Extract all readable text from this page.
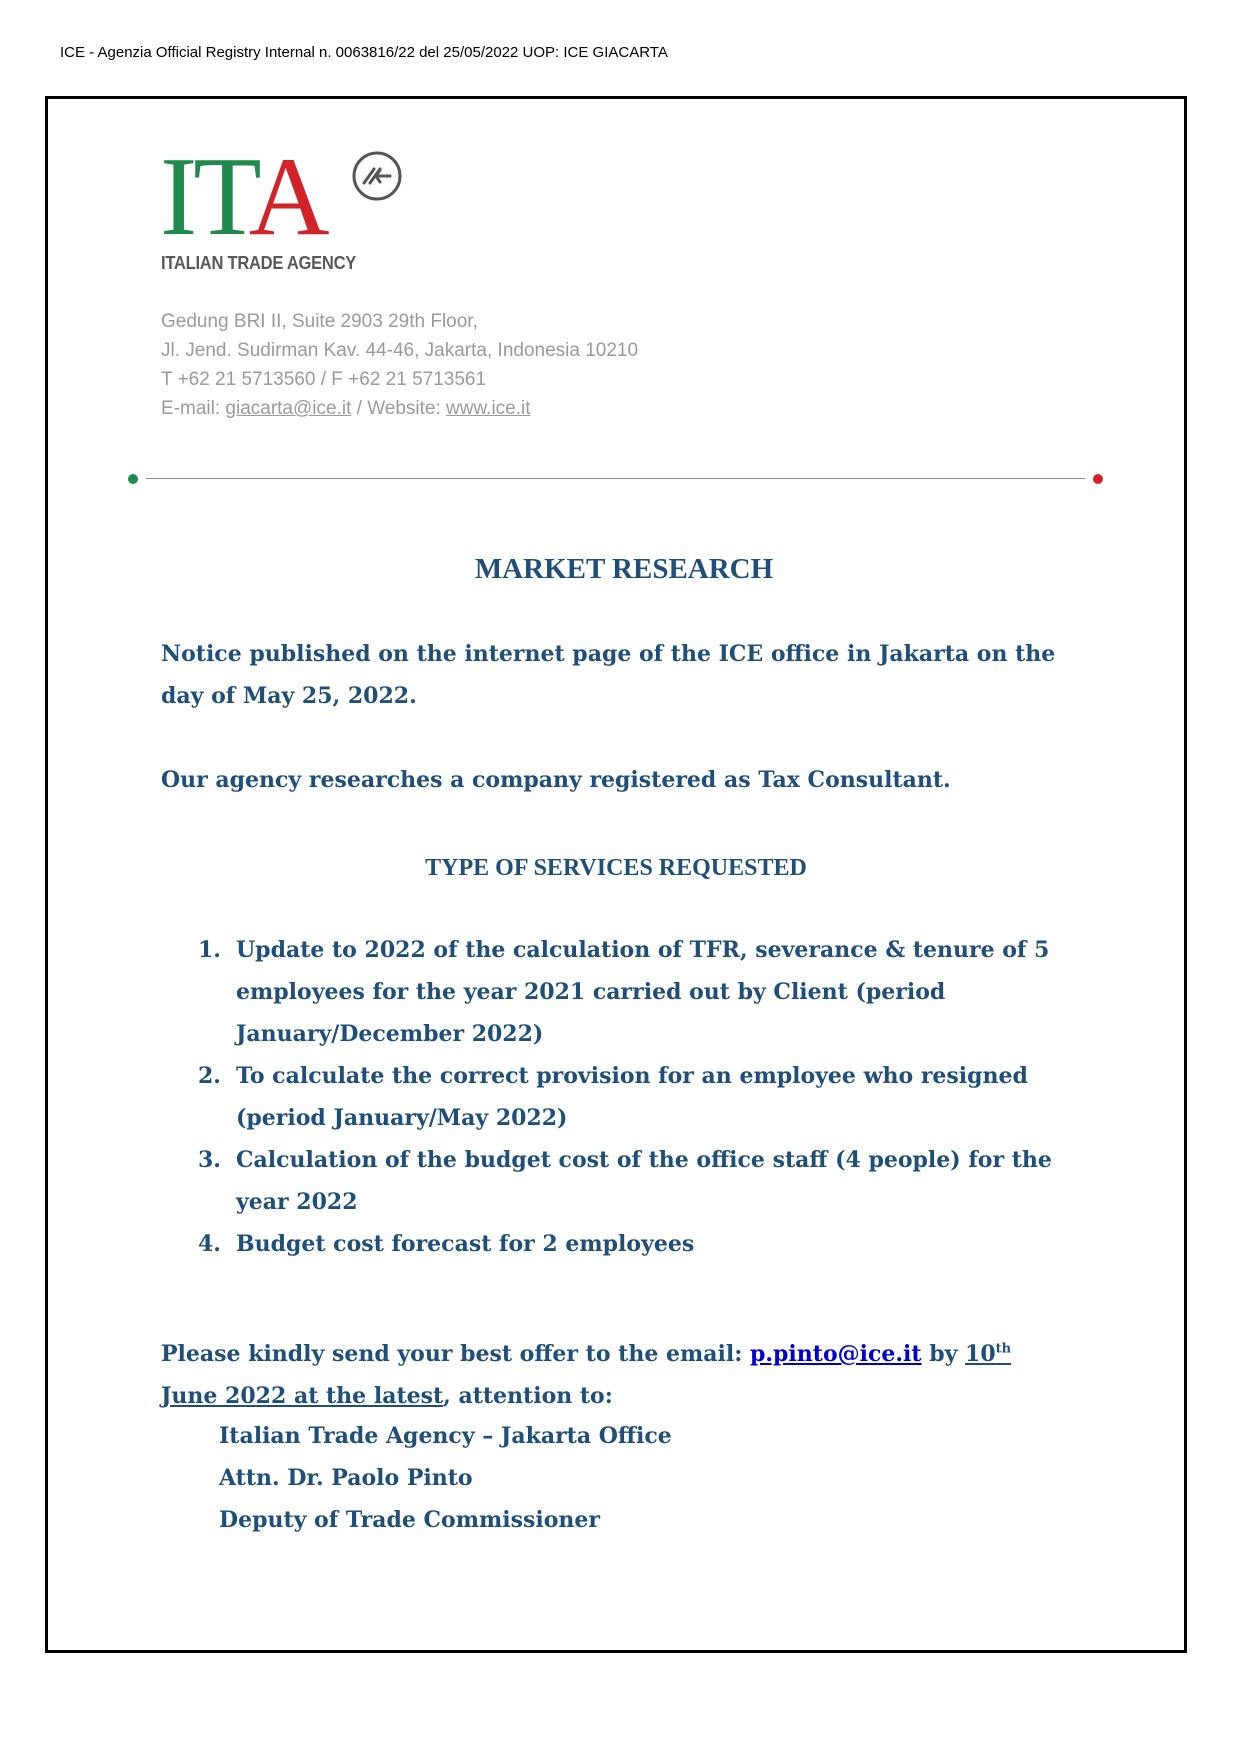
ICE - Agenzia Official Registry Internal n. 0063816/22 del 25/05/2022 UOP: ICE GIACARTA
ITA
ITALIAN TRADE AGENCY
Gedung BRI II, Suite 2903 29th Floor,
Jl. Jend. Sudirman Kav. 44-46, Jakarta, Indonesia 10210
T +62 21 5713560 / F +62 21 5713561
E-mail: giacarta@ice.it / Website: www.ice.it
MARKET RESEARCH
Notice published on the internet page of the ICE office in Jakarta on the
day of May 25, 2022.
Our agency researches a company registered as Tax Consultant.
TYPE OF SERVICES REQUESTED
1. Update to 2022 of the calculation of TFR, severance & tenure of 5
employees for the year 2021 carried out by Client (period
January/December 2022)
2. To calculate the correct provision for an employee who resigned
(period January/May 2022)
3. Calculation of the budget cost of the office staff (4 people) for the
year 2022
4. Budget cost forecast for 2 employees
Please kindly send your best offer to the email: p.pinto@ice.it by 10th
June 2022 at the latest, attention to:
Italian Trade Agency – Jakarta Office
Attn. Dr. Paolo Pinto
Deputy of Trade Commissioner
